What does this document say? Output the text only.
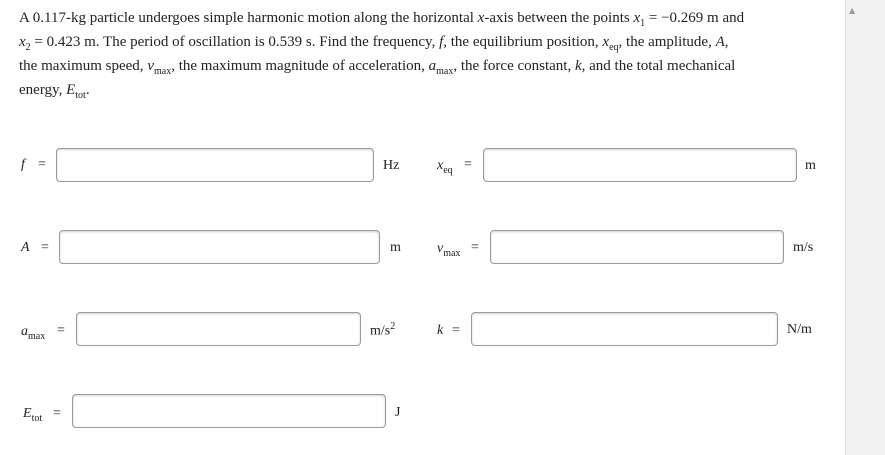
A 0.117-kg particle undergoes simple harmonic motion along the horizontal x-axis between the points $x_1 = -0.269$ m and
$x_2 = 0.423$ m. The period of oscillation is 0.539 s. Find the frequency, f, the equilibrium position, $x_{eq}$, the amplitude, A,
the maximum speed, $v_{max}$, the maximum magnitude of acceleration, $a_{max}$, the force constant, k, and the total mechanical
energy, $E_{tot}$.
f =	Hz	$x_{eq}$ =	m
A =	m	$v_{max}$ =	m/s
$a_{max}$ =	$m/s^2$	k =	N/m
$E_{tot}$ =	J
▲
